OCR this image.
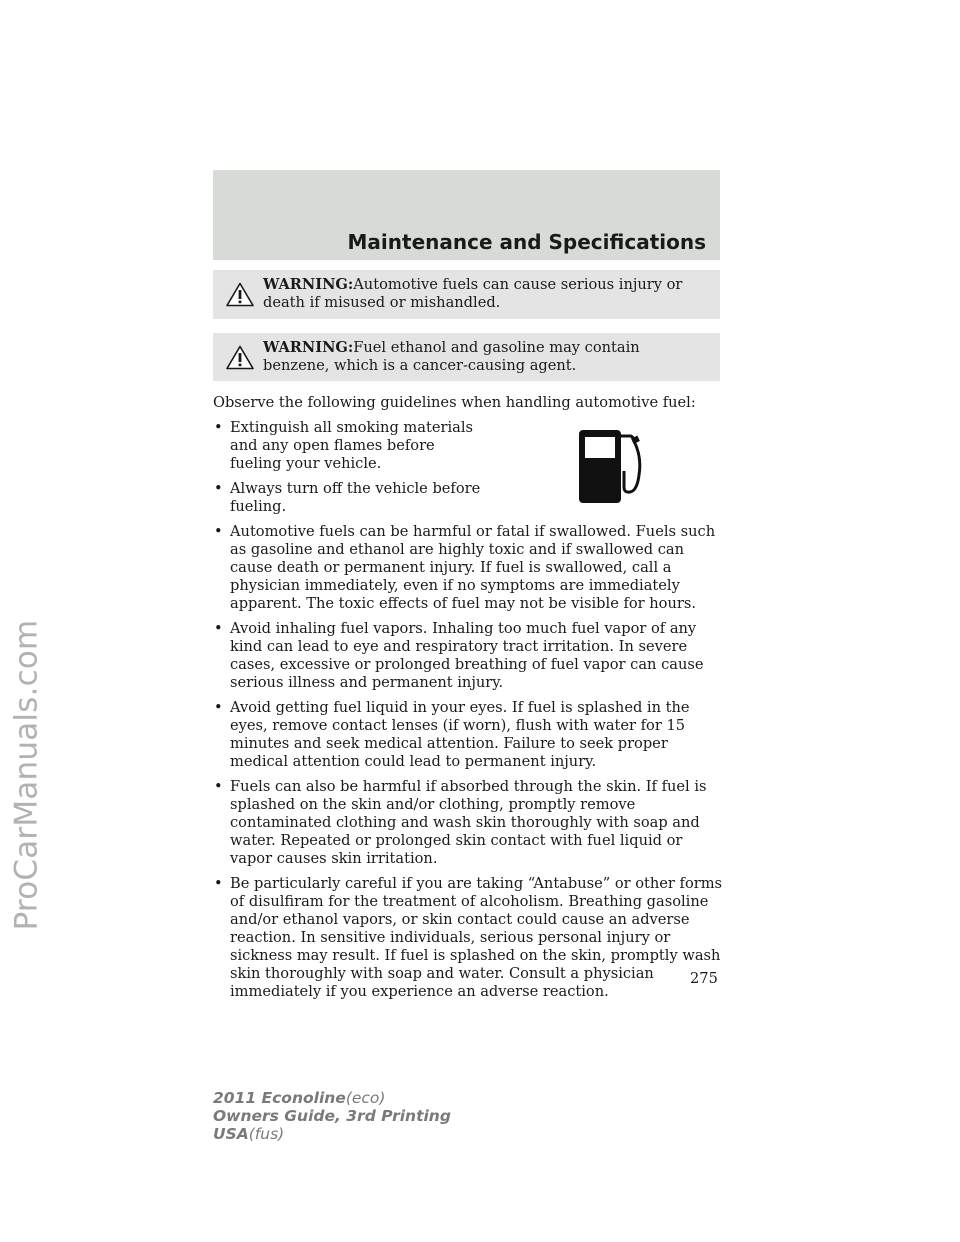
ProCarManuals.com
Maintenance and Specifications
WARNING:Automotive fuels can cause serious injury or death if misused or mishandled.
WARNING:Fuel ethanol and gasoline may contain benzene, which is a cancer-causing agent.

Observe the following guidelines when handling automotive fuel:

• Extinguish all smoking materials and any open flames before fueling your vehicle.
• Always turn off the vehicle before fueling.
• Automotive fuels can be harmful or fatal if swallowed. Fuels such as gasoline and ethanol are highly toxic and if swallowed can cause death or permanent injury. If fuel is swallowed, call a physician immediately, even if no symptoms are immediately apparent. The toxic effects of fuel may not be visible for hours.
• Avoid inhaling fuel vapors. Inhaling too much fuel vapor of any kind can lead to eye and respiratory tract irritation. In severe cases, excessive or prolonged breathing of fuel vapor can cause serious illness and permanent injury.
• Avoid getting fuel liquid in your eyes. If fuel is splashed in the eyes, remove contact lenses (if worn), flush with water for 15 minutes and seek medical attention. Failure to seek proper medical attention could lead to permanent injury.
• Fuels can also be harmful if absorbed through the skin. If fuel is splashed on the skin and/or clothing, promptly remove contaminated clothing and wash skin thoroughly with soap and water. Repeated or prolonged skin contact with fuel liquid or vapor causes skin irritation.
• Be particularly careful if you are taking “Antabuse” or other forms of disulfiram for the treatment of alcoholism. Breathing gasoline and/or ethanol vapors, or skin contact could cause an adverse reaction. In sensitive individuals, serious personal injury or sickness may result. If fuel is splashed on the skin, promptly wash skin thoroughly with soap and water. Consult a physician immediately if you experience an adverse reaction.

275

2011 Econoline(eco)
Owners Guide, 3rd Printing
USA(fus)
